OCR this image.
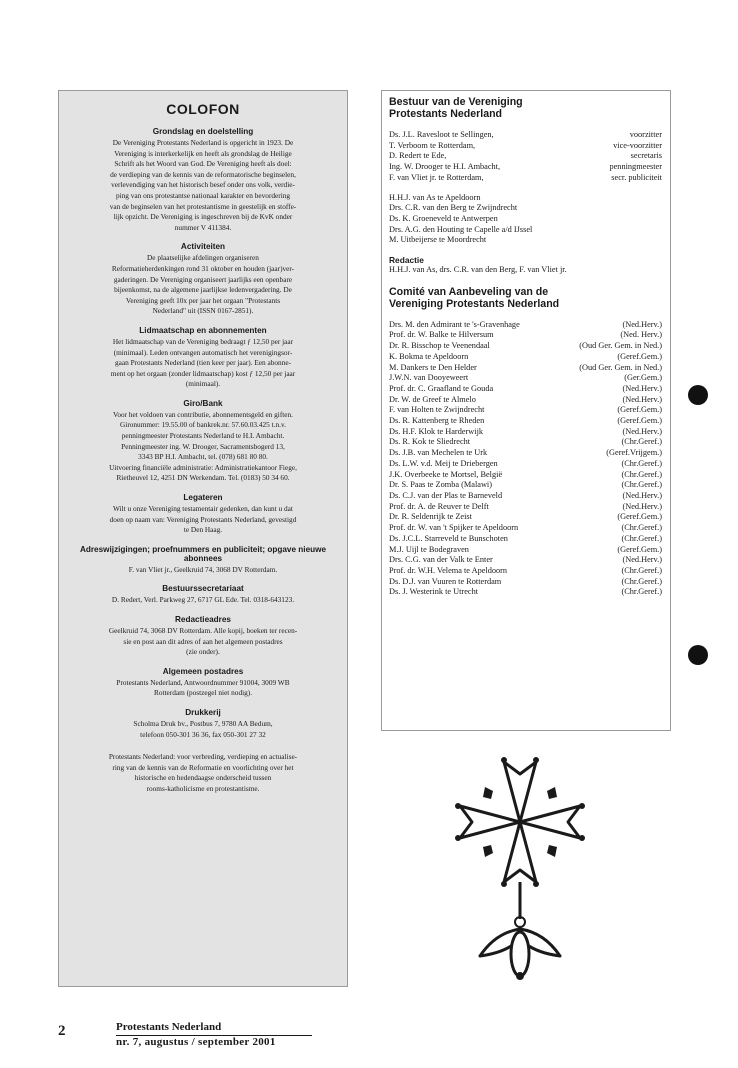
COLOFON
Grondslag en doelstelling

De Vereniging Protestants Nederland is opgericht in 1923. De
Vereniging is interkerkelijk en heeft als grondslag de Heilige
Schrift als het Woord van God. De Vereniging heeft als doel:
de verdieping van de kennis van de reformatorische beginselen,
verlevendiging van het historisch besef onder ons volk, verdie-
ping van ons protestantse nationaal karakter en bevordering
van de beginselen van het protestantisme in geestelijk en stoffe-
lijk opzicht. De Vereniging is ingeschreven bij de KvK onder
nummer V 411384.

Activiteiten

De plaatselijke afdelingen organiseren
Reformatieherdenkingen rond 31 oktober en houden (jaar)ver-
gaderingen. De Vereniging organiseert jaarlijks een openbare
bijeenkomst, na de algemene jaarlijkse ledenvergadering. De
Vereniging geeft 10x per jaar het orgaan "Protestants
Nederland" uit (ISSN 0167-2851).

Lidmaatschap en abonnementen

Het lidmaatschap van de Vereniging bedraagt ƒ 12,50 per jaar
(minimaal). Leden ontvangen automatisch het verenigingsor-
gaan Protestants Nederland (tien keer per jaar). Een abonne-
ment op het orgaan (zonder lidmaatschap) kost ƒ 12,50 per jaar
(minimaal).

Giro/Bank

Voor het voldoen van contributie, abonnementsgeld en giften.
Gironummer: 19.55.00 of bankrek.nr. 57.60.03.425 t.n.v.
penningmeester Protestants Nederland te H.I. Ambacht.
Penningmeester ing. W. Drooger, Sacramentsbogerd 13,
3343 BP H.I. Ambacht, tel. (078) 681 80 80.
Uitvoering financiële administratie: Administratiekantoor Fiege,
Rietheuvel 12, 4251 DN Werkendam. Tel. (0183) 50 34 60.

Legateren

Wilt u onze Vereniging testamentair gedenken, dan kunt u dat
doen op naam van: Vereniging Protestants Nederland, gevestigd
te Den Haag.

Adreswijzigingen; proefnummers en publiciteit; opgave nieuwe abonnees

F. van Vliet jr., Geelkruid 74, 3068 DV Rotterdam.

Bestuurssecretariaat

D. Redert, Verl. Parkweg 27, 6717 GL Ede. Tel. 0318-643123.

Redactieadres

Geelkruid 74, 3068 DV Rotterdam. Alle kopij, boeken ter recen-
sie en post aan dit adres of aan het algemeen postadres
(zie onder).

Algemeen postadres

Protestants Nederland, Antwoordnummer 91004, 3009 WB
Rotterdam (postzegel niet nodig).

Drukkerij

Scholma Druk bv., Postbus 7, 9780 AA Bedum,
telefoon 050-301 36 36, fax 050-301 27 32

Protestants Nederland: voor verbreding, verdieping en actualise-
ring van de kennis van de Reformatie en voorlichting over het
historische en hedendaagse onderscheid tussen
rooms-katholicisme en protestantisme.

Bestuur van de Vereniging
Protestants Nederland
Ds. J.L. Ravesloot te Sellingen,	voorzitter
T. Verboom te Rotterdam,	vice-voorzitter
D. Redert te Ede,	secretaris
Ing. W. Drooger te H.I. Ambacht,	penningmeester
F. van Vliet jr. te Rotterdam,	secr. publiciteit
H.H.J. van As te Apeldoorn
Drs. C.R. van den Berg te Zwijndrecht
Ds. K. Groeneveld te Antwerpen
Drs. A.G. den Houting te Capelle a/d IJssel
M. Uitbeijerse te Moordrecht
Redactie
H.H.J. van As, drs. C.R. van den Berg, F. van Vliet jr.
Comité van Aanbeveling van de
Vereniging Protestants Nederland
Drs. M. den Admirant te 's-Gravenhage	(Ned.Herv.)
Prof. dr. W. Balke te Hilversum	(Ned. Herv.)
Dr. R. Bisschop te Veenendaal	(Oud Ger. Gem. in Ned.)
K. Bokma te Apeldoorn	(Geref.Gem.)
M. Dankers te Den Helder	(Oud Ger. Gem. in Ned.)
J.W.N. van Dooyeweert	(Ger.Gem.)
Prof. dr. C. Graafland te Gouda	(Ned.Herv.)
Dr. W. de Greef te Almelo	(Ned.Herv.)
F. van Holten te Zwijndrecht	(Geref.Gem.)
Ds. R. Kattenberg te Rheden	(Geref.Gem.)
Ds. H.F. Klok te Harderwijk	(Ned.Herv.)
Ds. R. Kok te Sliedrecht	(Chr.Geref.)
Ds. J.B. van Mechelen te Urk	(Geref.Vrijgem.)
Ds. L.W. v.d. Meij te Driebergen	(Chr.Geref.)
J.K. Overbeeke te Mortsel, België	(Chr.Geref.)
Dr. S. Paas te Zomba (Malawi)	(Chr.Geref.)
Ds. C.J. van der Plas te Barneveld	(Ned.Herv.)
Prof. dr. A. de Reuver te Delft	(Ned.Herv.)
Dr. R. Seldenrijk te Zeist	(Geref.Gem.)
Prof. dr. W. van 't Spijker te Apeldoorn	(Chr.Geref.)
Ds. J.C.L. Starreveld te Bunschoten	(Chr.Geref.)
M.J. Uijl te Bodegraven	(Geref.Gem.)
Drs. C.G. van der Valk te Enter	(Ned.Herv.)
Prof. dr. W.H. Velema te Apeldoorn	(Chr.Geref.)
Ds. D.J. van Vuuren te Rotterdam	(Chr.Geref.)
Ds. J. Westerink te Utrecht	(Chr.Geref.)
2	Protestants Nederland
nr. 7, augustus / september 2001
